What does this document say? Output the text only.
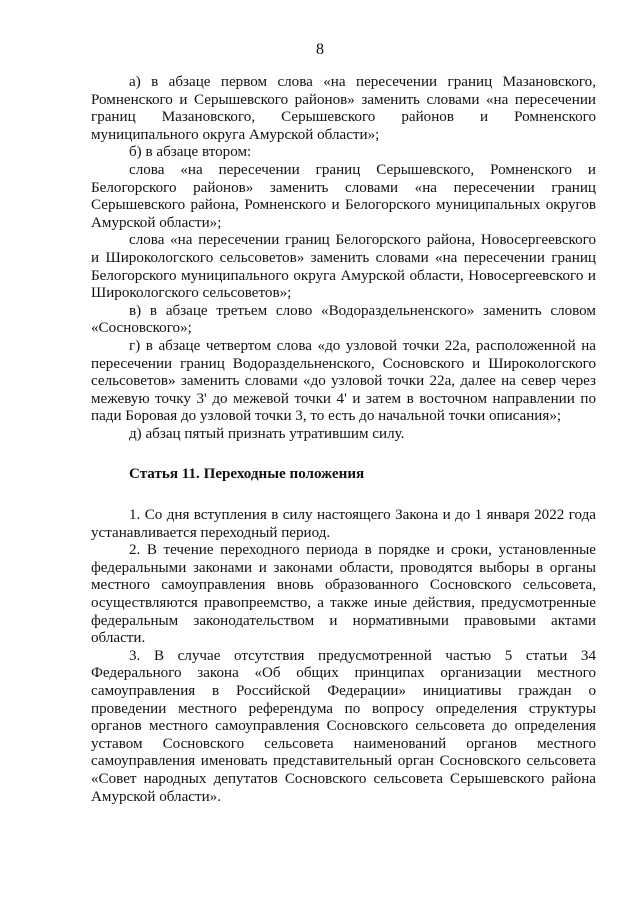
8

а) в абзаце первом слова «на пересечении границ Мазановского, Ромненского и Серышевского районов» заменить словами «на пересечении границ Мазановского, Серышевского районов и Ромненского муниципального округа Амурской области»;

б) в абзаце втором:

слова «на пересечении границ Серышевского, Ромненского и Белогорского районов» заменить словами «на пересечении границ Серышевского района, Ромненского и Белогорского муниципальных округов Амурской области»;

слова «на пересечении границ Белогорского района, Новосергеевского и Широкологского сельсоветов» заменить словами «на пересечении границ Белогорского муниципального округа Амурской области, Новосергеевского и Широкологского сельсоветов»;

в) в абзаце третьем слово «Водораздельненского» заменить словом «Сосновского»;

г) в абзаце четвертом слова «до узловой точки 22а, расположенной на пересечении границ Водораздельненского, Сосновского и Широкологского сельсоветов» заменить словами «до узловой точки 22а, далее на север через межевую точку 3' до межевой точки 4' и затем в восточном направлении по пади Боровая до узловой точки 3, то есть до начальной точки описания»;

д) абзац пятый признать утратившим силу.

Статья 11. Переходные положения

1. Со дня вступления в силу настоящего Закона и до 1 января 2022 года устанавливается переходный период.

2. В течение переходного периода в порядке и сроки, установленные федеральными законами и законами области, проводятся выборы в органы местного самоуправления вновь образованного Сосновского сельсовета, осуществляются правопреемство, а также иные действия, предусмотренные федеральным законодательством и нормативными правовыми актами области.

3. В случае отсутствия предусмотренной частью 5 статьи 34 Федерального закона «Об общих принципах организации местного самоуправления в Российской Федерации» инициативы граждан о проведении местного референдума по вопросу определения структуры органов местного самоуправления Сосновского сельсовета до определения уставом Сосновского сельсовета наименований органов местного самоуправления именовать представительный орган Сосновского сельсовета «Совет народных депутатов Сосновского сельсовета Серышевского района Амурской области».
